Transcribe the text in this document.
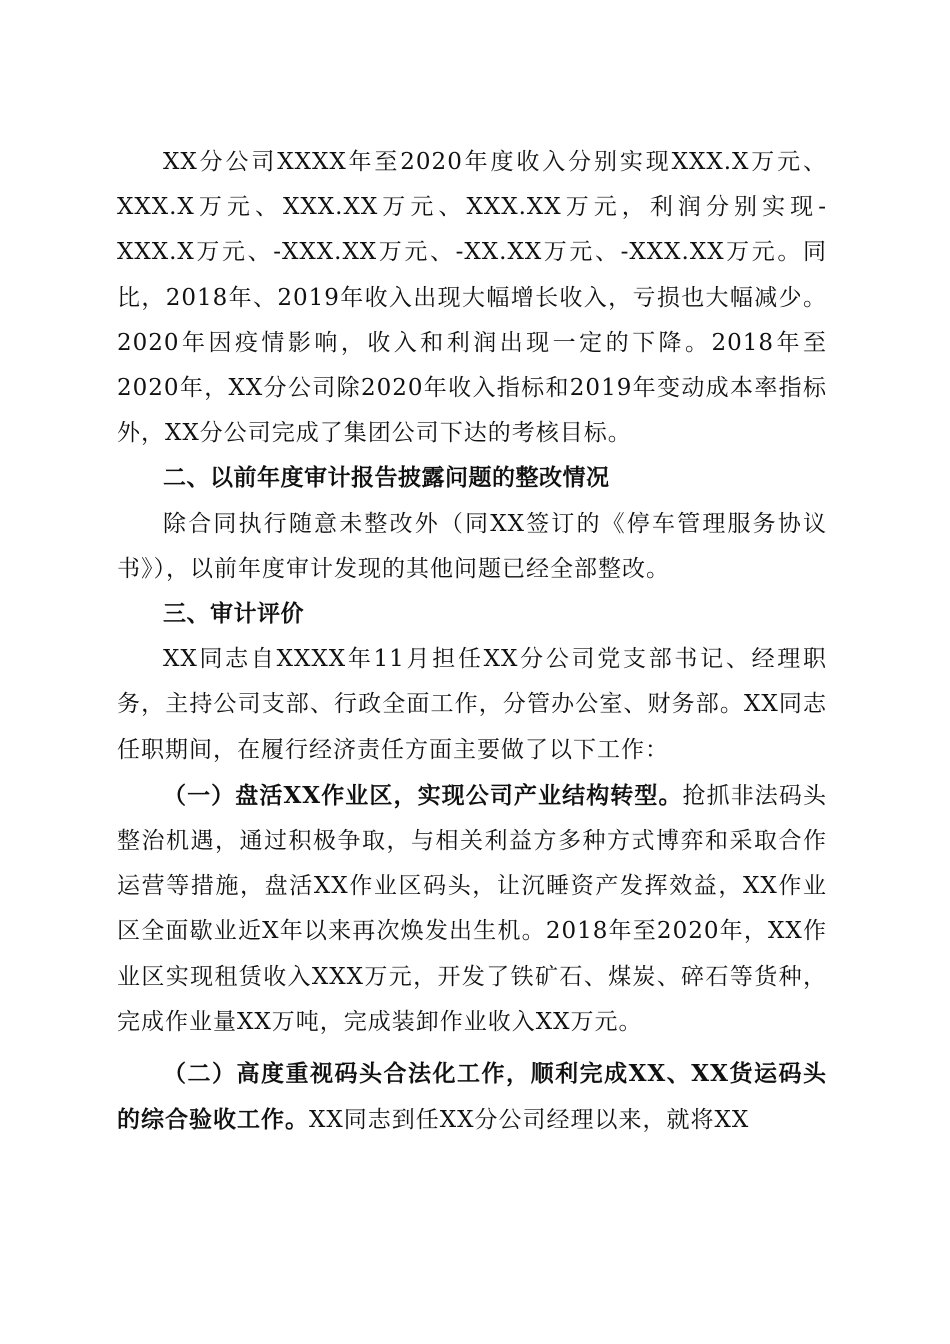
XX分公司XXXX年至2020年度收入分别实现XXX.X万元、XXX.X万元、XXX.XX万元、XXX.XX万元，利润分别实现-XXX.X万元、-XXX.XX万元、-XX.XX万元、-XXX.XX万元。同比，2018年、2019年收入出现大幅增长收入，亏损也大幅减少。2020年因疫情影响，收入和利润出现一定的下降。2018年至2020年，XX分公司除2020年收入指标和2019年变动成本率指标外，XX分公司完成了集团公司下达的考核目标。

二、以前年度审计报告披露问题的整改情况

除合同执行随意未整改外（同XX签订的《停车管理服务协议书》），以前年度审计发现的其他问题已经全部整改。

三、审计评价

XX同志自XXXX年11月担任XX分公司党支部书记、经理职务，主持公司支部、行政全面工作，分管办公室、财务部。XX同志任职期间，在履行经济责任方面主要做了以下工作：

（一）盘活XX作业区，实现公司产业结构转型。抢抓非法码头整治机遇，通过积极争取，与相关利益方多种方式博弈和采取合作运营等措施，盘活XX作业区码头，让沉睡资产发挥效益，XX作业区全面歇业近X年以来再次焕发出生机。2018年至2020年，XX作业区实现租赁收入XXX万元，开发了铁矿石、煤炭、碎石等货种，完成作业量XX万吨，完成装卸作业收入XX万元。

（二）高度重视码头合法化工作，顺利完成XX、XX货运码头的综合验收工作。XX同志到任XX分公司经理以来，就将XX
